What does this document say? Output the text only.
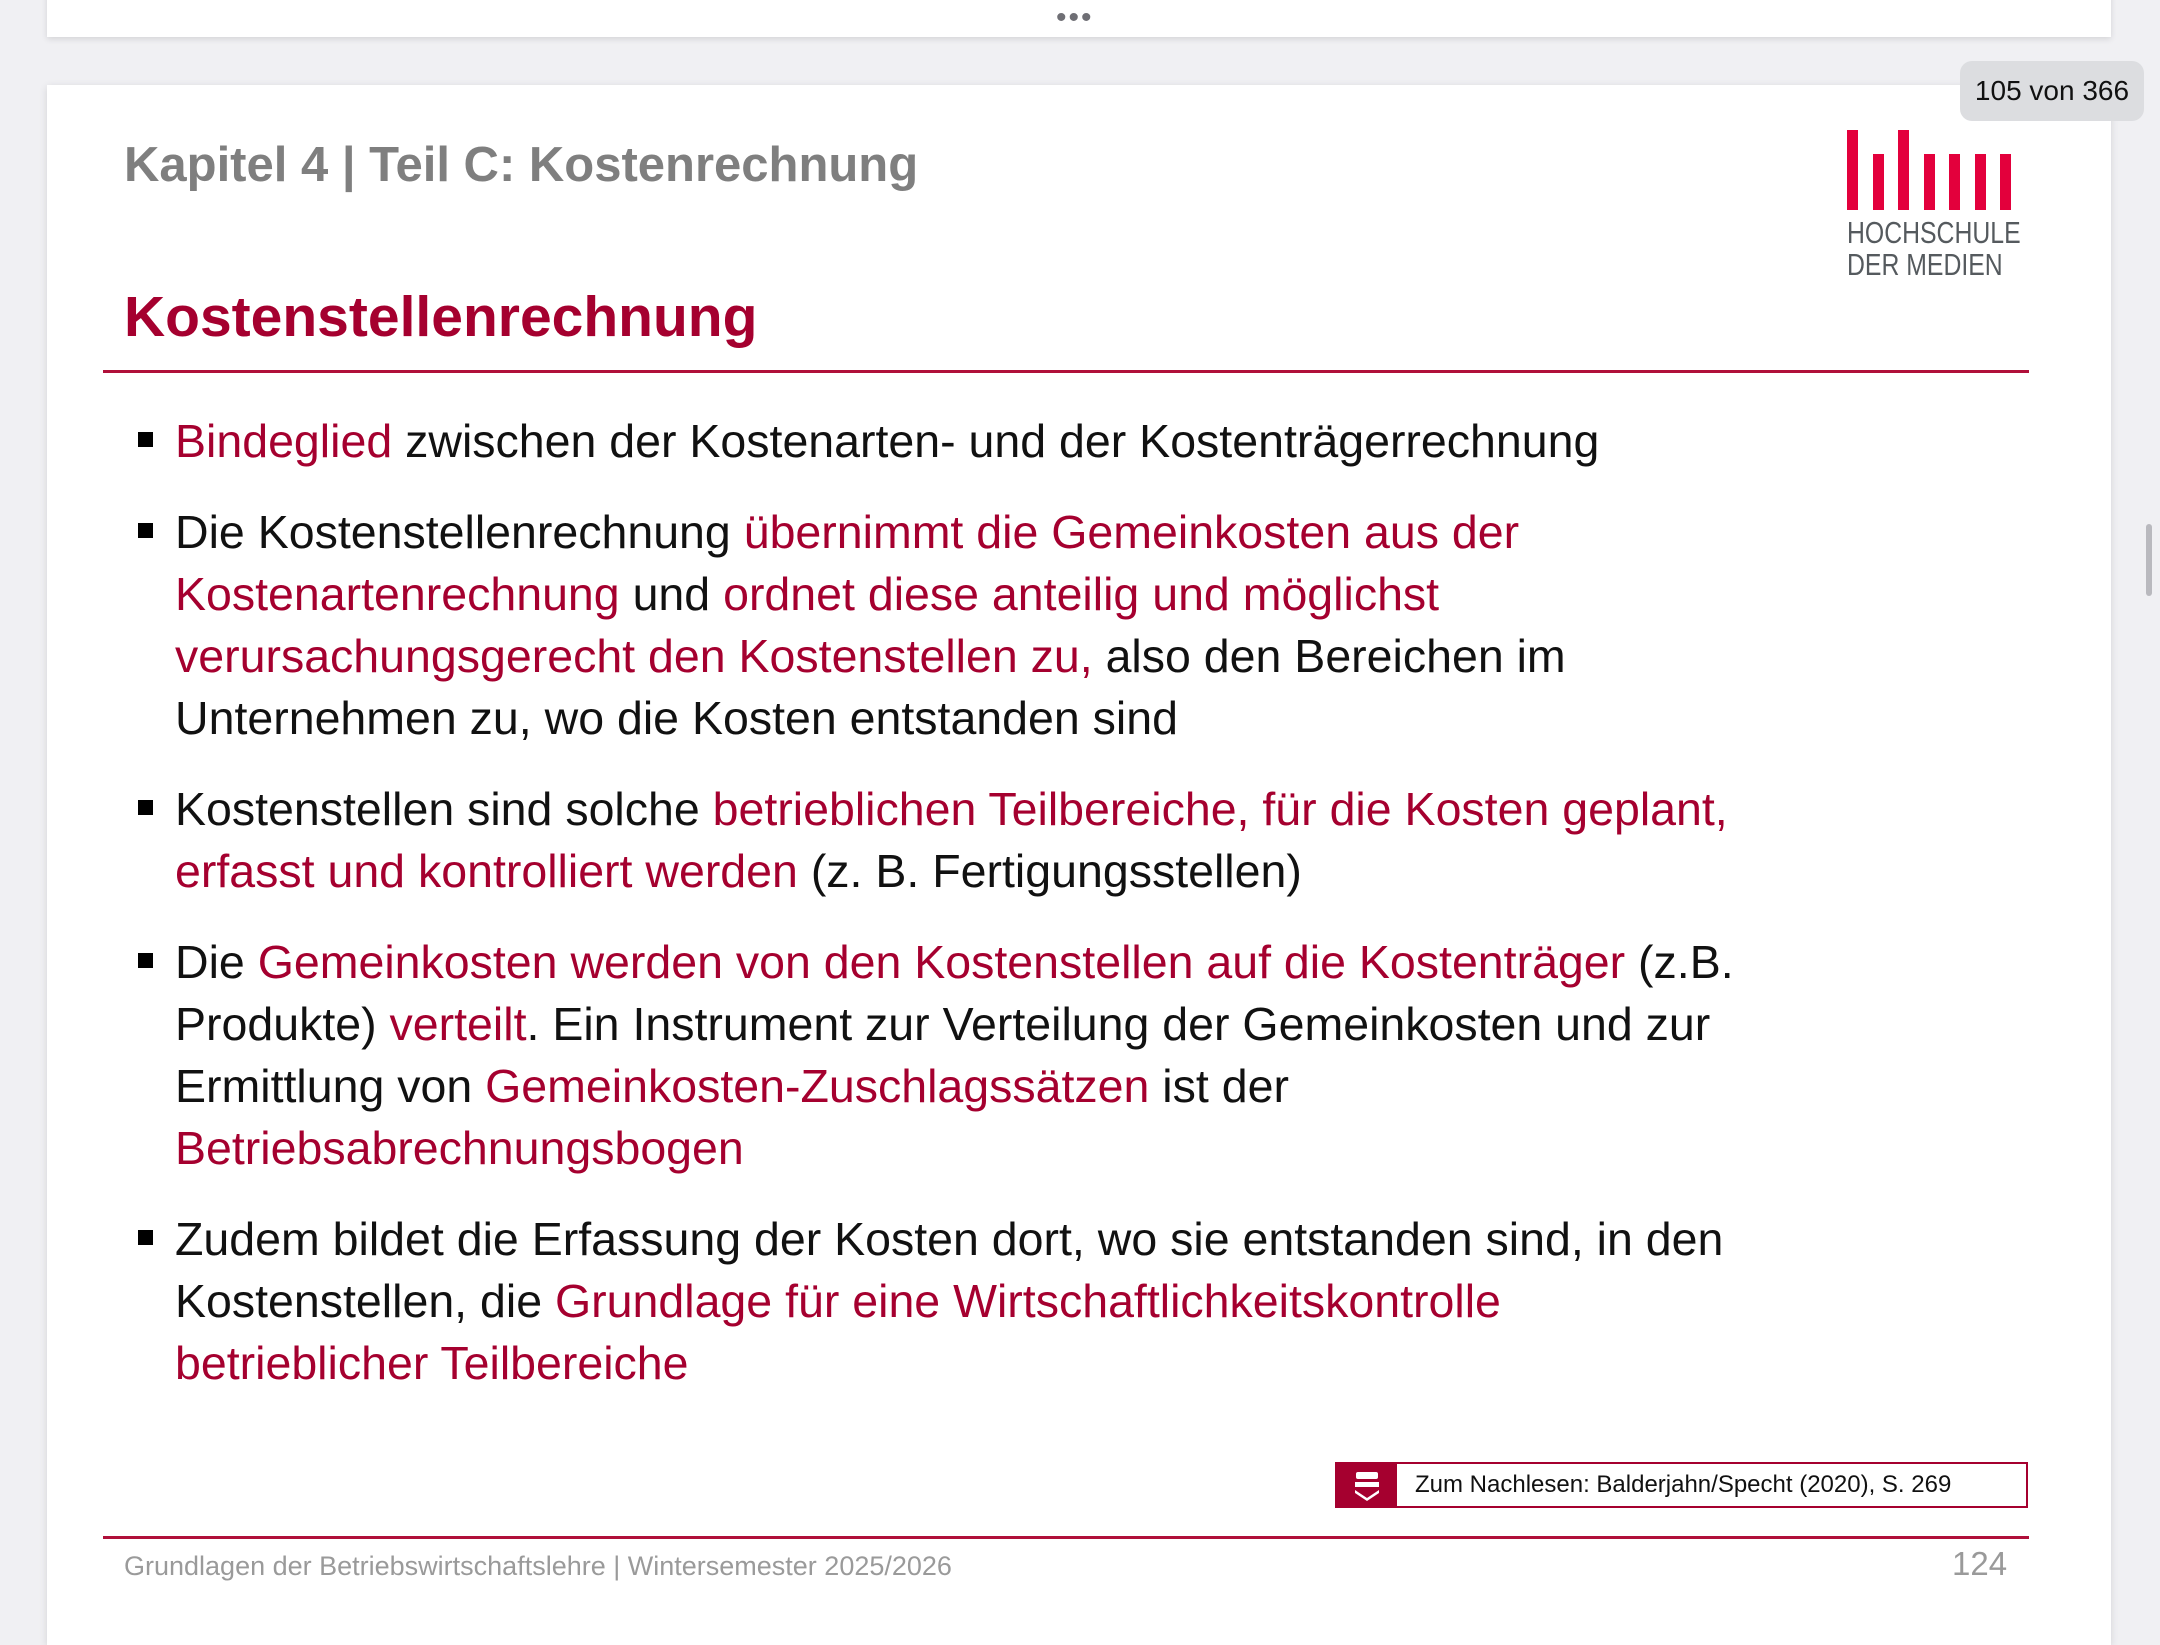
•••
Kapitel 4 | Teil C: Kostenrechnung
HOCHSCHULE
DER MEDIEN
Kostenstellenrechnung
Bindeglied zwischen der Kostenarten- und der Kostenträgerrechnung
Die Kostenstellenrechnung übernimmt die Gemeinkosten aus der
Kostenartenrechnung und ordnet diese anteilig und möglichst
verursachungsgerecht den Kostenstellen zu, also den Bereichen im
Unternehmen zu, wo die Kosten entstanden sind
Kostenstellen sind solche betrieblichen Teilbereiche, für die Kosten geplant,
erfasst und kontrolliert werden (z. B. Fertigungsstellen)
Die Gemeinkosten werden von den Kostenstellen auf die Kostenträger (z.B.
Produkte) verteilt. Ein Instrument zur Verteilung der Gemeinkosten und zur
Ermittlung von Gemeinkosten-Zuschlagssätzen ist der
Betriebsabrechnungsbogen
Zudem bildet die Erfassung der Kosten dort, wo sie entstanden sind, in den
Kostenstellen, die Grundlage für eine Wirtschaftlichkeitskontrolle
betrieblicher Teilbereiche
Zum Nachlesen: Balderjahn/Specht (2020), S. 269
Grundlagen der Betriebswirtschaftslehre | Wintersemester 2025/2026	124
105 von 366
